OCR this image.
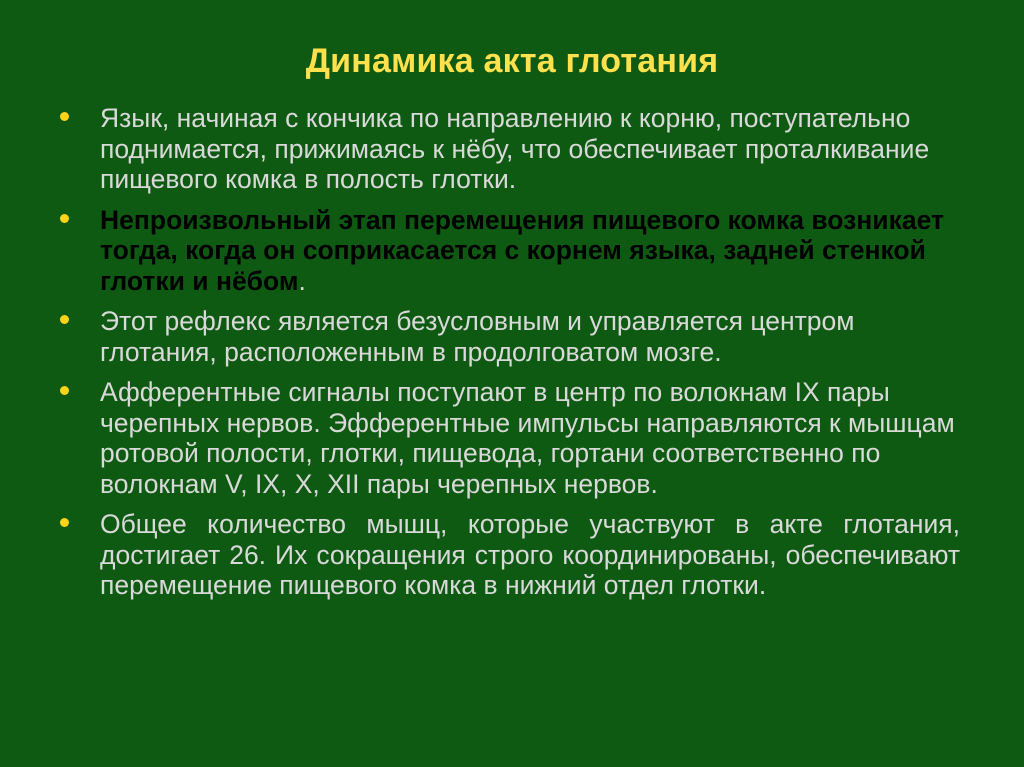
Динамика акта глотания
Язык, начиная с кончика по направлению к корню, поступательно поднимается, прижимаясь к нёбу, что обеспечивает проталкивание пищевого комка в полость глотки.
Непроизвольный этап перемещения пищевого комка возникает тогда, когда он соприкасается с корнем языка, задней стенкой глотки и нёбом.
Этот рефлекс является безусловным и управляется центром глотания, расположенным в продолговатом мозге.
Афферентные сигналы поступают в центр по волокнам IX пары черепных нервов. Эфферентные импульсы направляются к мышцам ротовой полости, глотки, пищевода, гортани соответственно по волокнам V, IX, X, XII пары черепных нервов.
Общее количество мышц, которые участвуют в акте глотания, достигает 26. Их сокращения строго координированы, обеспечивают перемещение пищевого комка в нижний отдел глотки.
